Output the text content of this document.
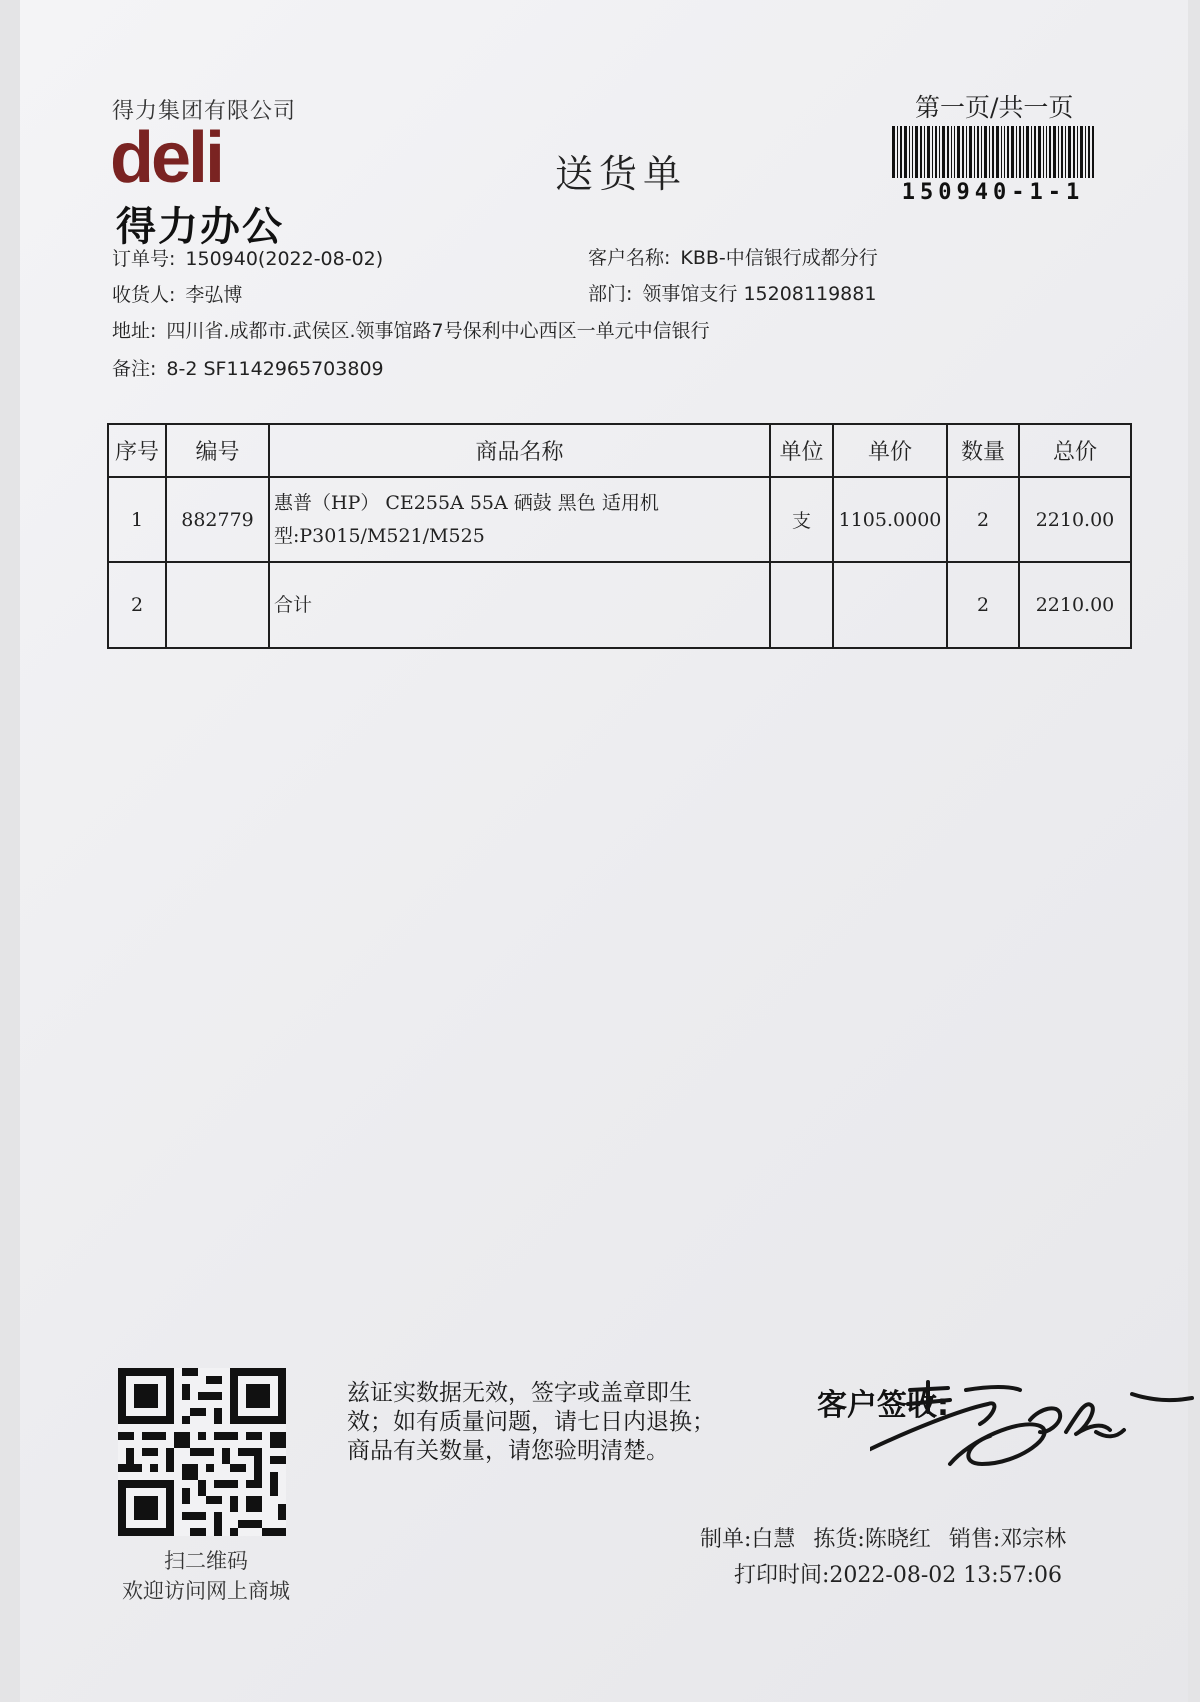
得力集团有限公司
deli
得力办公
送货单
第一页/共一页
150940-1-1
订单号: 150940(2022-08-02)	客户名称: KBB-中信银行成都分行
收货人: 李弘博	部门: 领事馆支行 15208119881
地址: 四川省.成都市.武侯区.领事馆路7号保利中心西区一单元中信银行
备注: 8-2 SF1142965703809
序号	编号	商品名称	单位	单价	数量	总价
1	882779	惠普（HP） CE255A 55A 硒鼓 黑色 适用机
型:P3015/M521/M525	支	1105.0000	2	2210.00
2		合计			2	2210.00
扫二维码
欢迎访问网上商城
兹证实数据无效，签字或盖章即生
效；如有质量问题，请七日内退换；
商品有关数量，请您验明清楚。
客户签收:
制单:白慧 拣货:陈晓红 销售:邓宗林
打印时间:2022-08-02 13:57:06
